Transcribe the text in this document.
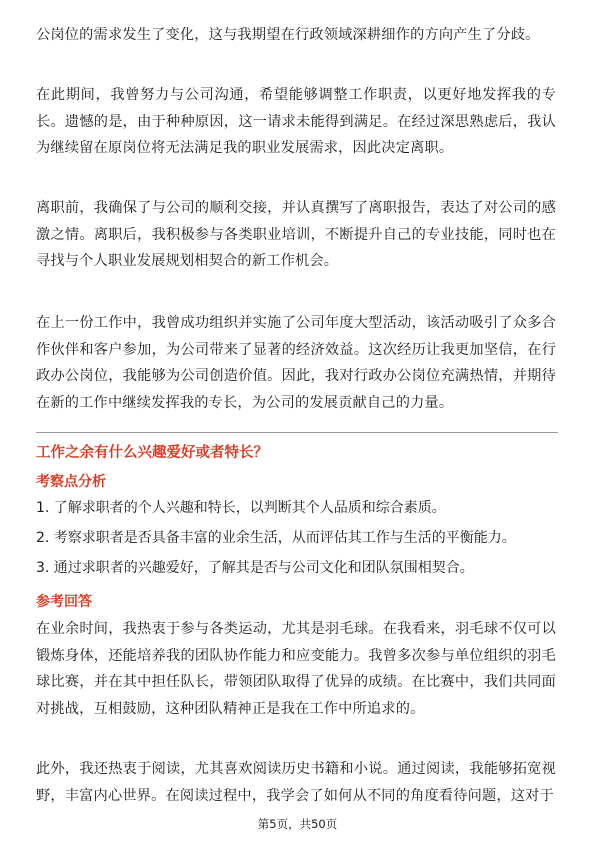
公岗位的需求发生了变化，这与我期望在行政领域深耕细作的方向产生了分歧。

在此期间，我曾努力与公司沟通，希望能够调整工作职责，以更好地发挥我的专长。遗憾的是，由于种种原因，这一请求未能得到满足。在经过深思熟虑后，我认为继续留在原岗位将无法满足我的职业发展需求，因此决定离职。

离职前，我确保了与公司的顺利交接，并认真撰写了离职报告，表达了对公司的感激之情。离职后，我积极参与各类职业培训，不断提升自己的专业技能，同时也在寻找与个人职业发展规划相契合的新工作机会。

在上一份工作中，我曾成功组织并实施了公司年度大型活动，该活动吸引了众多合作伙伴和客户参加，为公司带来了显著的经济效益。这次经历让我更加坚信，在行政办公岗位，我能够为公司创造价值。因此，我对行政办公岗位充满热情，并期待在新的工作中继续发挥我的专长，为公司的发展贡献自己的力量。

工作之余有什么兴趣爱好或者特长？

考察点分析

1. 了解求职者的个人兴趣和特长，以判断其个人品质和综合素质。

2. 考察求职者是否具备丰富的业余生活，从而评估其工作与生活的平衡能力。

3. 通过求职者的兴趣爱好，了解其是否与公司文化和团队氛围相契合。

参考回答

在业余时间，我热衷于参与各类运动，尤其是羽毛球。在我看来，羽毛球不仅可以锻炼身体，还能培养我的团队协作能力和应变能力。我曾多次参与单位组织的羽毛球比赛，并在其中担任队长，带领团队取得了优异的成绩。在比赛中，我们共同面对挑战，互相鼓励，这种团队精神正是我在工作中所追求的。

此外，我还热衷于阅读，尤其喜欢阅读历史书籍和小说。通过阅读，我能够拓宽视野，丰富内心世界。在阅读过程中，我学会了如何从不同的角度看待问题，这对于

第5页，共50页
